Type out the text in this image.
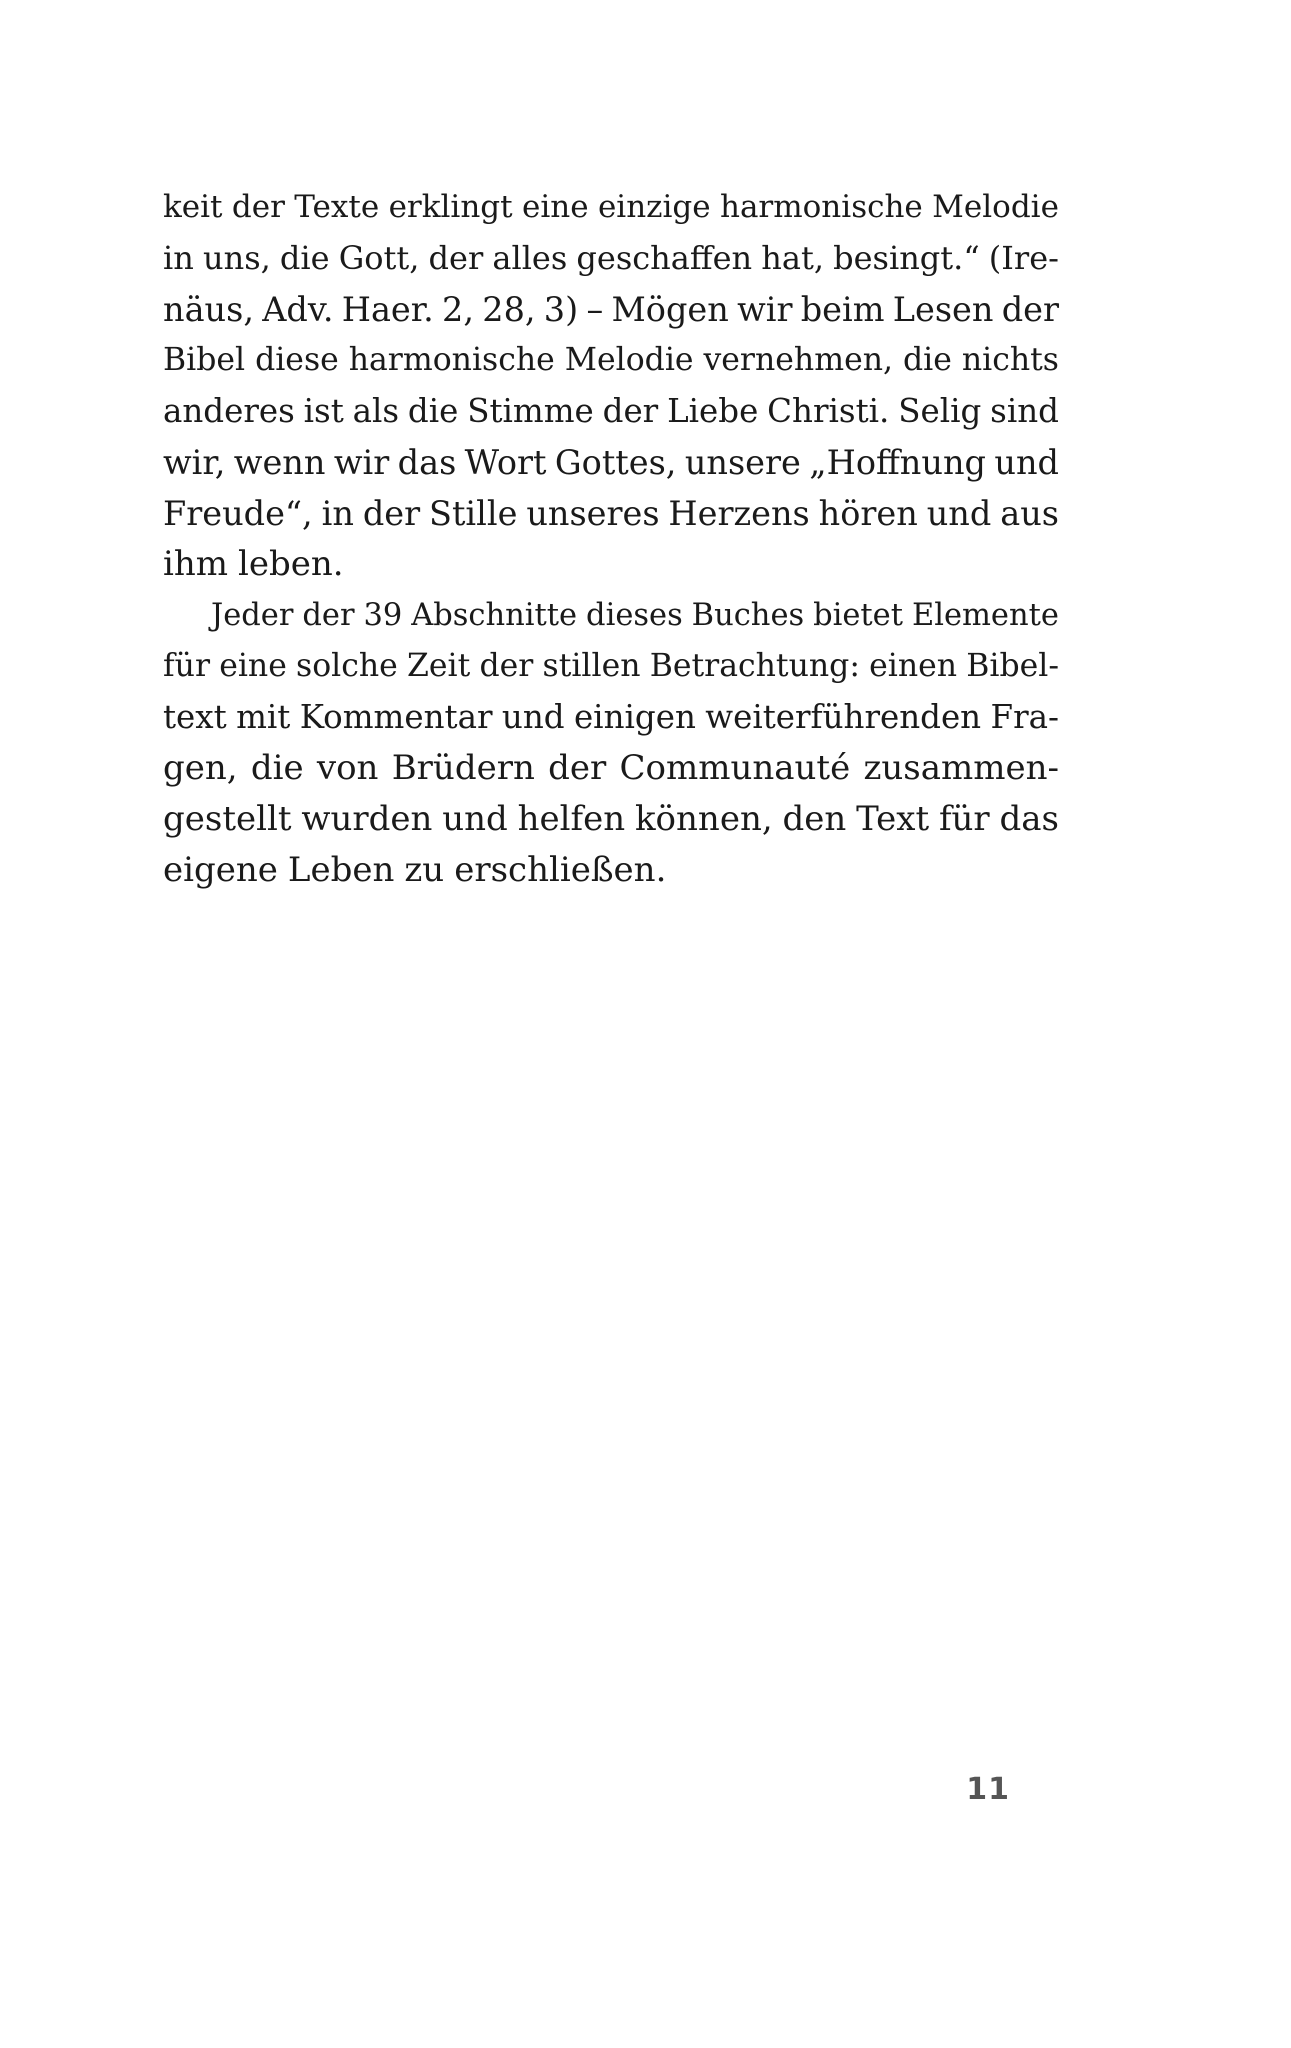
keit der Texte erklingt eine einzige harmonische Melodie
in uns, die Gott, der alles geschaffen hat, besingt.“ (Ire-
näus, Adv. Haer. 2, 28, 3) – Mögen wir beim Lesen der
Bibel diese harmonische Melodie vernehmen, die nichts
anderes ist als die Stimme der Liebe Christi. Selig sind
wir, wenn wir das Wort Gottes, unsere „Hoffnung und
Freude“, in der Stille unseres Herzens hören und aus
ihm leben.
Jeder der 39 Abschnitte dieses Buches bietet Elemente
für eine solche Zeit der stillen Betrachtung: einen Bibel-
text mit Kommentar und einigen weiterführenden Fra-
gen, die von Brüdern der Communauté zusammen-
gestellt wurden und helfen können, den Text für das
eigene Leben zu erschließen.
11
